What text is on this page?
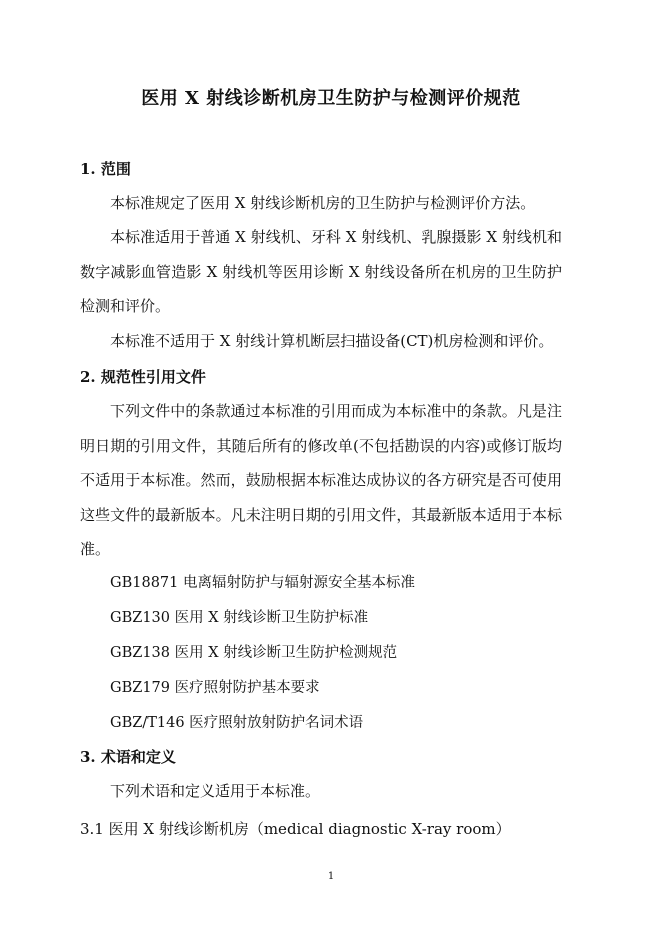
医用 X 射线诊断机房卫生防护与检测评价规范
1. 范围
本标准规定了医用 X 射线诊断机房的卫生防护与检测评价方法。
本标准适用于普通 X 射线机、牙科 X 射线机、乳腺摄影 X 射线机和数字减影血管造影 X 射线机等医用诊断 X 射线设备所在机房的卫生防护检测和评价。
本标准不适用于 X 射线计算机断层扫描设备(CT)机房检测和评价。
2. 规范性引用文件
下列文件中的条款通过本标准的引用而成为本标准中的条款。凡是注明日期的引用文件，其随后所有的修改单(不包括勘误的内容)或修订版均不适用于本标准。然而，鼓励根据本标准达成协议的各方研究是否可使用这些文件的最新版本。凡未注明日期的引用文件，其最新版本适用于本标准。
GB18871 电离辐射防护与辐射源安全基本标准
GBZ130 医用 X 射线诊断卫生防护标准
GBZ138 医用 X 射线诊断卫生防护检测规范
GBZ179 医疗照射防护基本要求
GBZ/T146 医疗照射放射防护名词术语
3. 术语和定义
下列术语和定义适用于本标准。
3.1 医用 X 射线诊断机房（medical diagnostic X-ray room）
1
